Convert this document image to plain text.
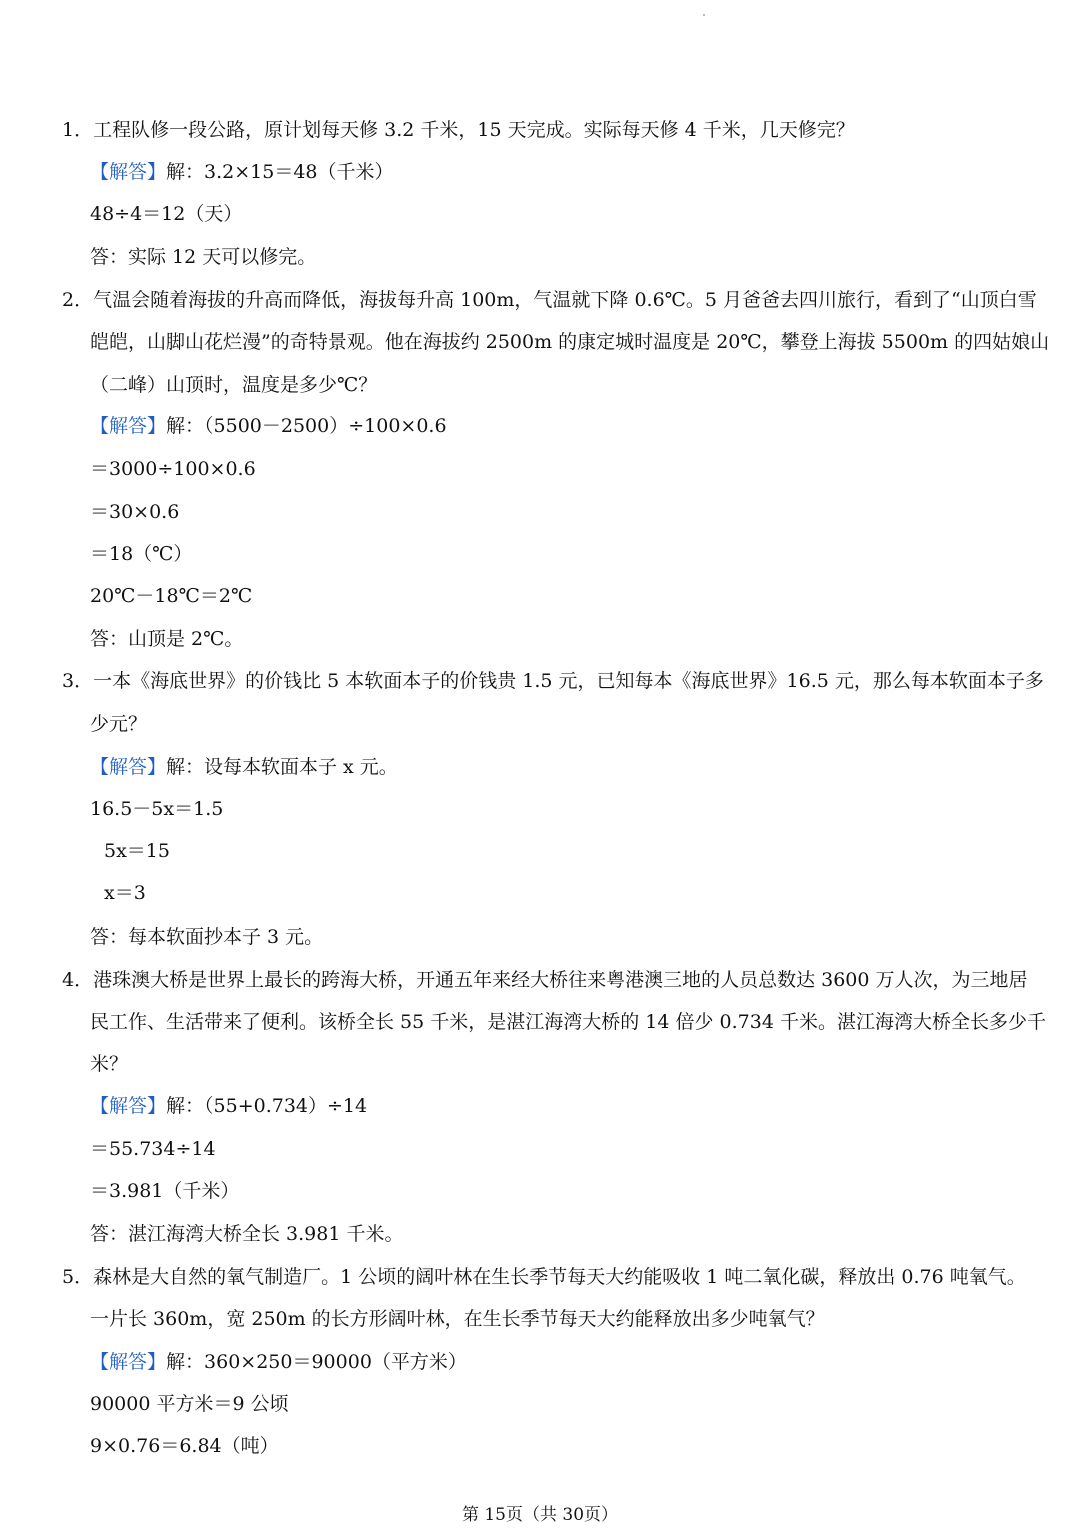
1．工程队修一段公路，原计划每天修 3.2 千米，15 天完成。实际每天修 4 千米，几天修完？
【解答】解：3.2×15＝48（千米）
48÷4＝12（天）
答：实际 12 天可以修完。
2．气温会随着海拔的升高而降低，海拔每升高 100m，气温就下降 0.6℃。5 月爸爸去四川旅行，看到了“山顶白雪
皑皑，山脚山花烂漫”的奇特景观。他在海拔约 2500m 的康定城时温度是 20℃，攀登上海拔 5500m 的四姑娘山
（二峰）山顶时，温度是多少℃？
【解答】解：（5500－2500）÷100×0.6
＝3000÷100×0.6
＝30×0.6
＝18（℃）
20℃－18℃＝2℃
答：山顶是 2℃。
3．一本《海底世界》的价钱比 5 本软面本子的价钱贵 1.5 元，已知每本《海底世界》16.5 元，那么每本软面本子多
少元？
【解答】解：设每本软面本子 x 元。
16.5－5x＝1.5
5x＝15
x＝3
答：每本软面抄本子 3 元。
4．港珠澳大桥是世界上最长的跨海大桥，开通五年来经大桥往来粤港澳三地的人员总数达 3600 万人次，为三地居
民工作、生活带来了便利。该桥全长 55 千米，是湛江海湾大桥的 14 倍少 0.734 千米。湛江海湾大桥全长多少千
米？
【解答】解：（55+0.734）÷14
＝55.734÷14
＝3.981（千米）
答：湛江海湾大桥全长 3.981 千米。
5．森林是大自然的氧气制造厂。1 公顷的阔叶林在生长季节每天大约能吸收 1 吨二氧化碳，释放出 0.76 吨氧气。
一片长 360m，宽 250m 的长方形阔叶林，在生长季节每天大约能释放出多少吨氧气？
【解答】解：360×250＝90000（平方米）
90000 平方米＝9 公顷
9×0.76＝6.84（吨）
第 15页（共 30页）
